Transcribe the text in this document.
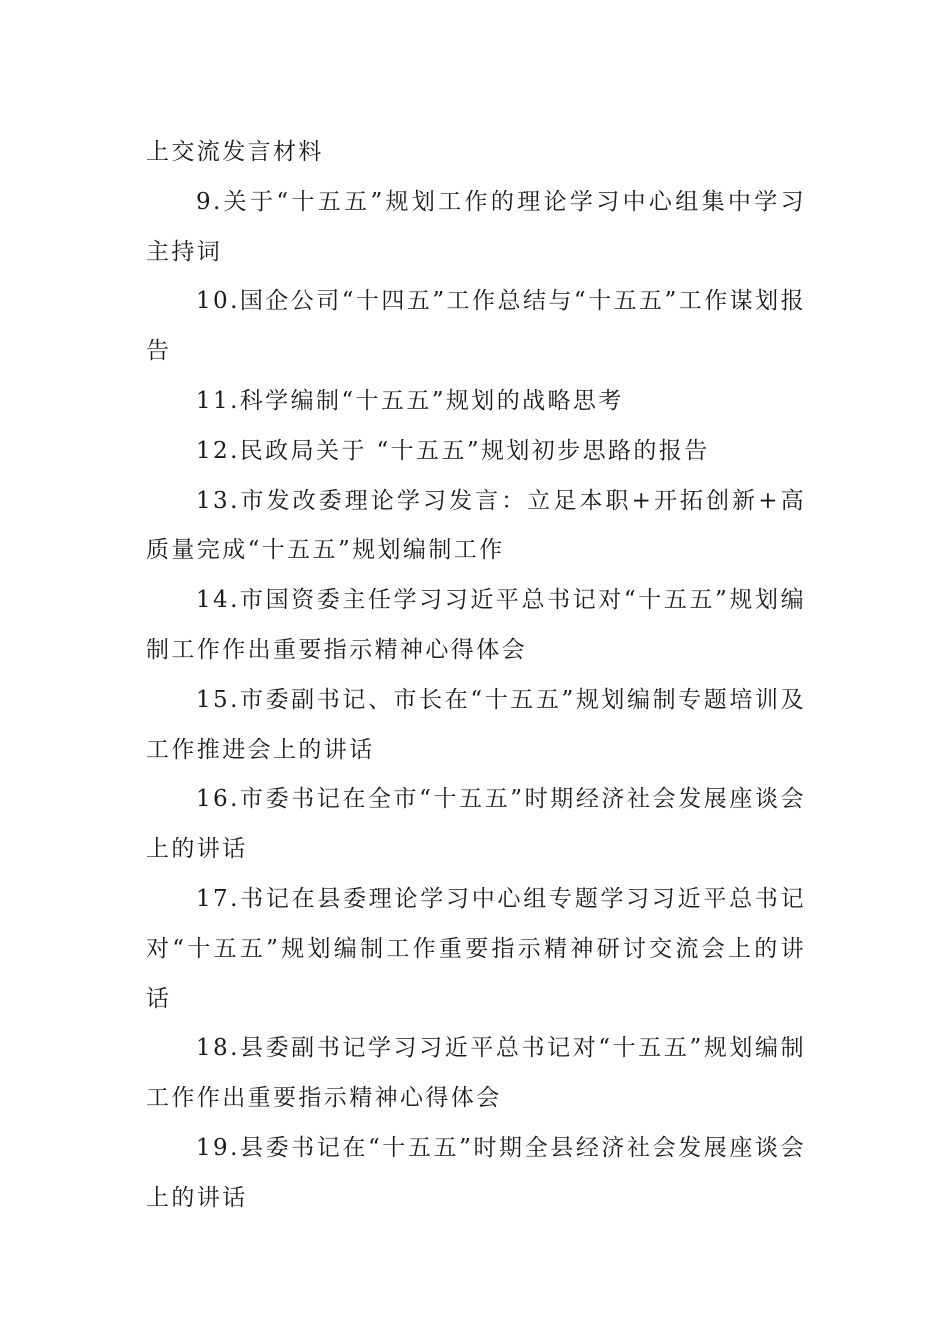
上交流发言材料

9.关于“十五五”规划工作的理论学习中心组集中学习主持词

10.国企公司“十四五”工作总结与“十五五”工作谋划报告

11.科学编制“十五五”规划的战略思考

12.民政局关于 “十五五”规划初步思路的报告

13.市发改委理论学习发言：立足本职+开拓创新+高质量完成“十五五”规划编制工作

14.市国资委主任学习习近平总书记对“十五五”规划编制工作作出重要指示精神心得体会

15.市委副书记、市长在“十五五”规划编制专题培训及工作推进会上的讲话

16.市委书记在全市“十五五”时期经济社会发展座谈会上的讲话

17.书记在县委理论学习中心组专题学习习近平总书记对“十五五”规划编制工作重要指示精神研讨交流会上的讲话

18.县委副书记学习习近平总书记对“十五五”规划编制工作作出重要指示精神心得体会

19.县委书记在“十五五”时期全县经济社会发展座谈会上的讲话
